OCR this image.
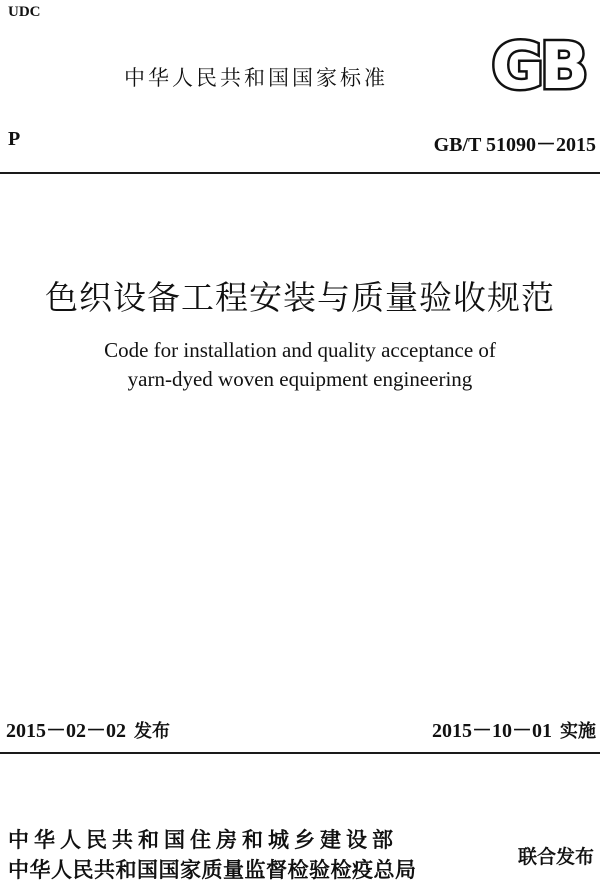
UDC
中华人民共和国国家标准 GB
P	GB/T 51090－2015
色织设备工程安装与质量验收规范
Code for installation and quality acceptance of
yarn-dyed woven equipment engineering
2015－02－02 发布	2015－10－01 实施
中华人民共和国住房和城乡建设部
中华人民共和国国家质量监督检验检疫总局
联合发布
